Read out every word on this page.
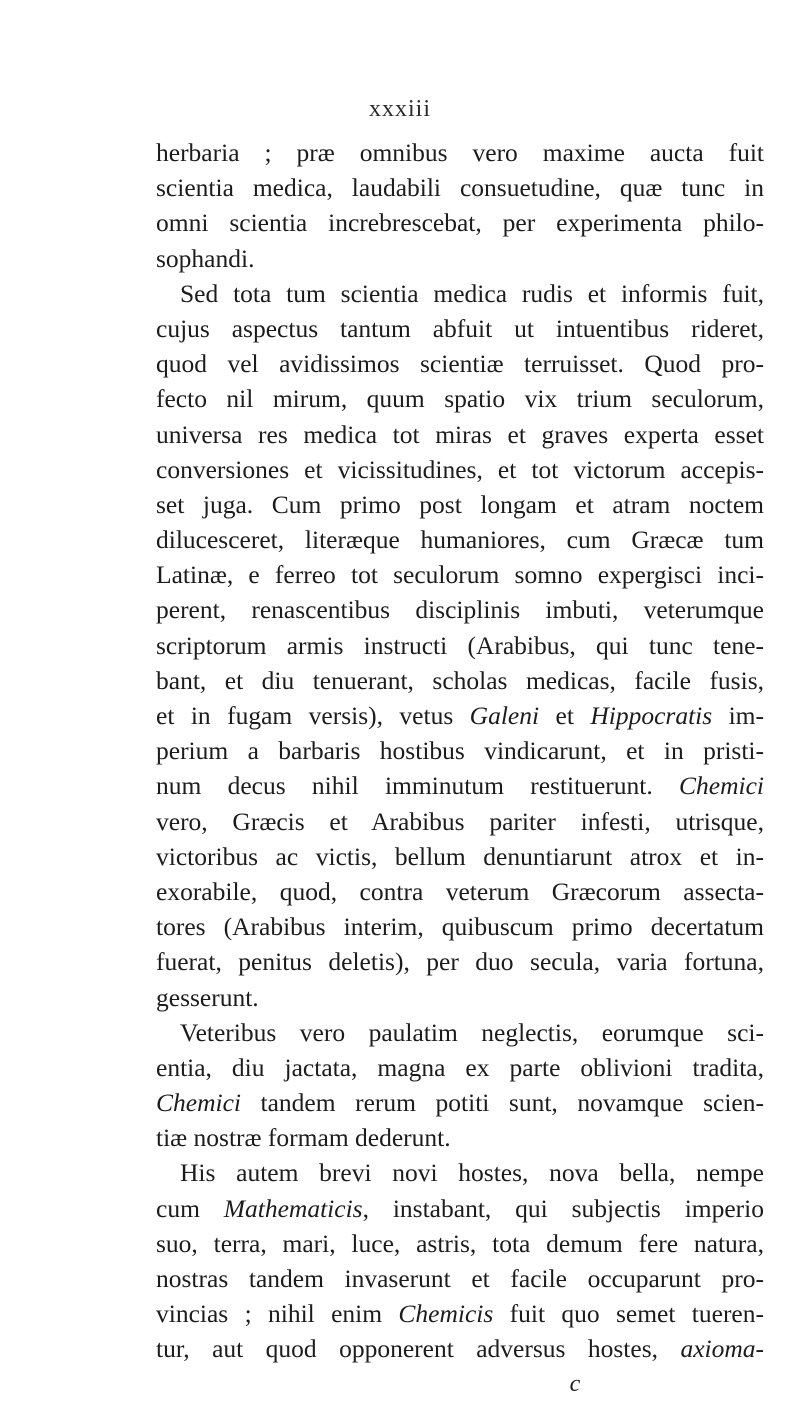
xxxiii
herbaria ; præ omnibus vero maxime aucta fuit
scientia medica, laudabili consuetudine, quæ tunc in
omni scientia increbrescebat, per experimenta philo-
sophandi.
Sed tota tum scientia medica rudis et informis fuit,
cujus aspectus tantum abfuit ut intuentibus rideret,
quod vel avidissimos scientiæ terruisset. Quod pro-
fecto nil mirum, quum spatio vix trium seculorum,
universa res medica tot miras et graves experta esset
conversiones et vicissitudines, et tot victorum accepis-
set juga. Cum primo post longam et atram noctem
dilucesceret, literæque humaniores, cum Græcæ tum
Latinæ, e ferreo tot seculorum somno expergisci inci-
perent, renascentibus disciplinis imbuti, veterumque
scriptorum armis instructi (Arabibus, qui tunc tene-
bant, et diu tenuerant, scholas medicas, facile fusis,
et in fugam versis), vetus Galeni et Hippocratis im-
perium a barbaris hostibus vindicarunt, et in pristi-
num decus nihil imminutum restituerunt. Chemici
vero, Græcis et Arabibus pariter infesti, utrisque,
victoribus ac victis, bellum denuntiarunt atrox et in-
exorabile, quod, contra veterum Græcorum assecta-
tores (Arabibus interim, quibuscum primo decertatum
fuerat, penitus deletis), per duo secula, varia fortuna,
gesserunt.
Veteribus vero paulatim neglectis, eorumque sci-
entia, diu jactata, magna ex parte oblivioni tradita,
Chemici tandem rerum potiti sunt, novamque scien-
tiæ nostræ formam dederunt.
His autem brevi novi hostes, nova bella, nempe
cum Mathematicis, instabant, qui subjectis imperio
suo, terra, mari, luce, astris, tota demum fere natura,
nostras tandem invaserunt et facile occuparunt pro-
vincias ; nihil enim Chemicis fuit quo semet tueren-
tur, aut quod opponerent adversus hostes, axioma-
c
